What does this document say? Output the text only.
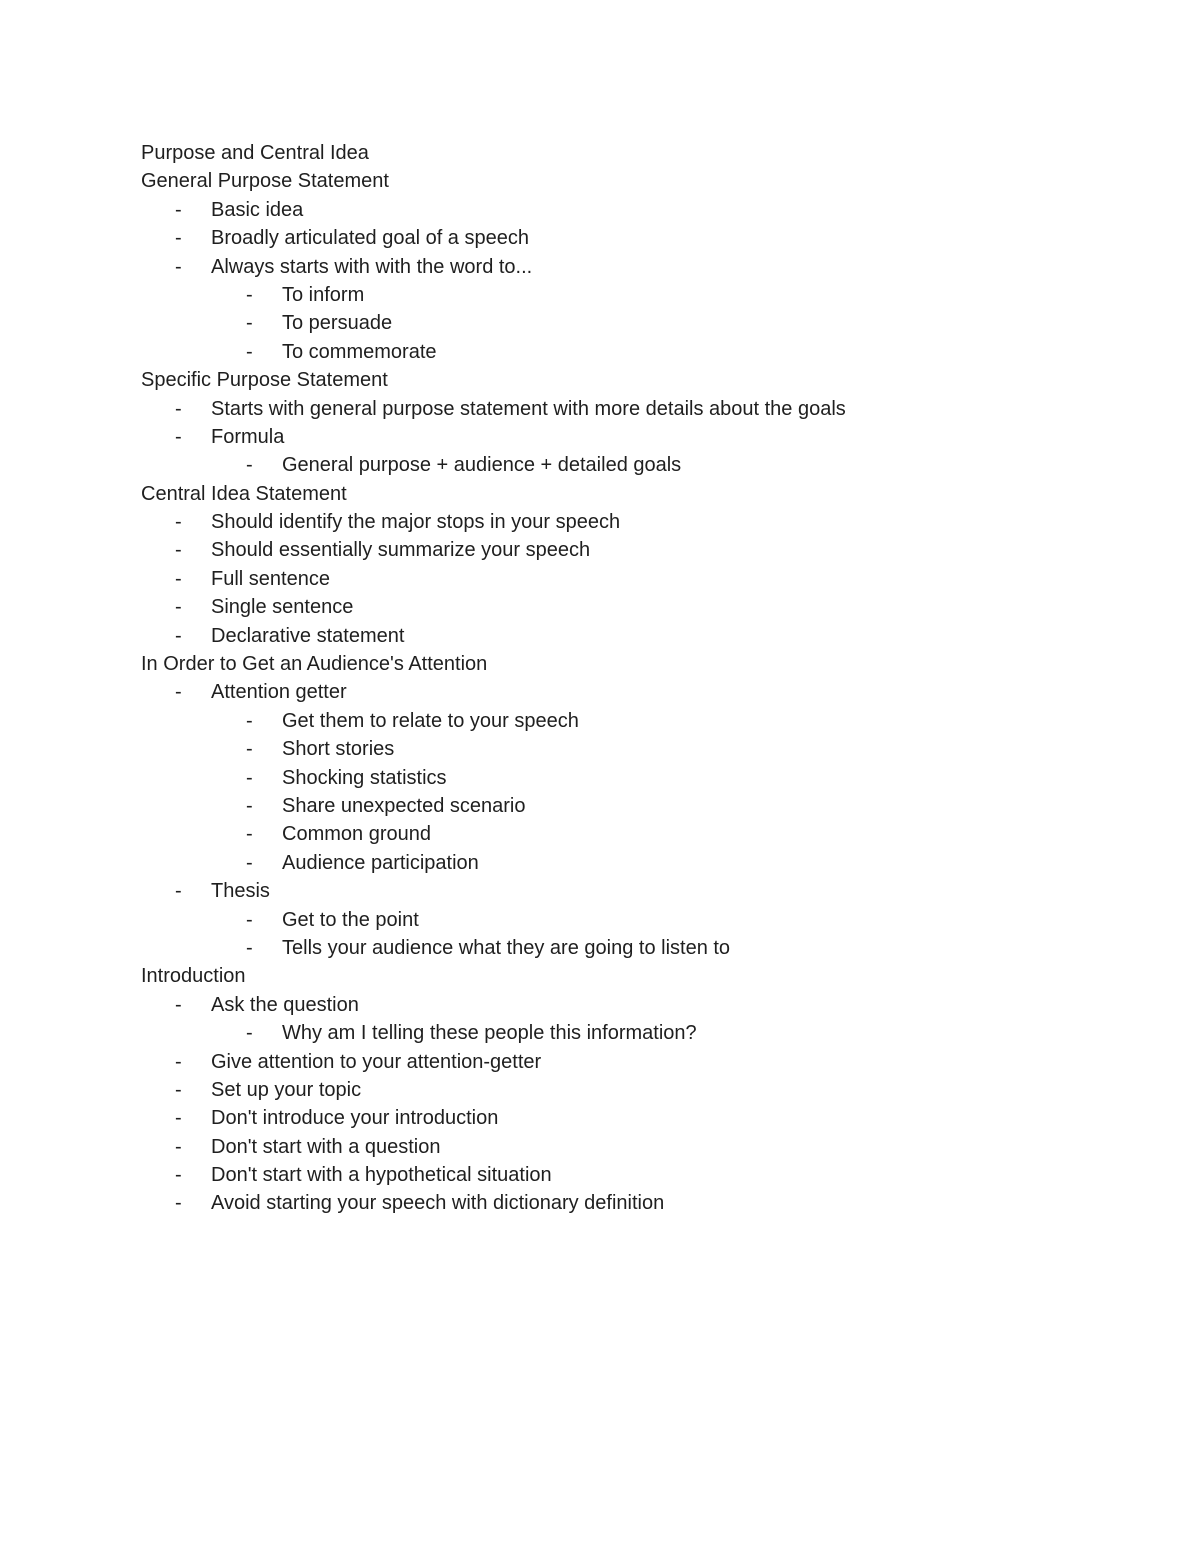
Purpose and Central Idea
General Purpose Statement
- Basic idea
- Broadly articulated goal of a speech
- Always starts with with the word to...
- To inform
- To persuade
- To commemorate
Specific Purpose Statement
- Starts with general purpose statement with more details about the goals
- Formula
- General purpose + audience + detailed goals
Central Idea Statement
- Should identify the major stops in your speech
- Should essentially summarize your speech
- Full sentence
- Single sentence
- Declarative statement
In Order to Get an Audience's Attention
- Attention getter
- Get them to relate to your speech
- Short stories
- Shocking statistics
- Share unexpected scenario
- Common ground
- Audience participation
- Thesis
- Get to the point
- Tells your audience what they are going to listen to
Introduction
- Ask the question
- Why am I telling these people this information?
- Give attention to your attention-getter
- Set up your topic
- Don't introduce your introduction
- Don't start with a question
- Don't start with a hypothetical situation
- Avoid starting your speech with dictionary definition
